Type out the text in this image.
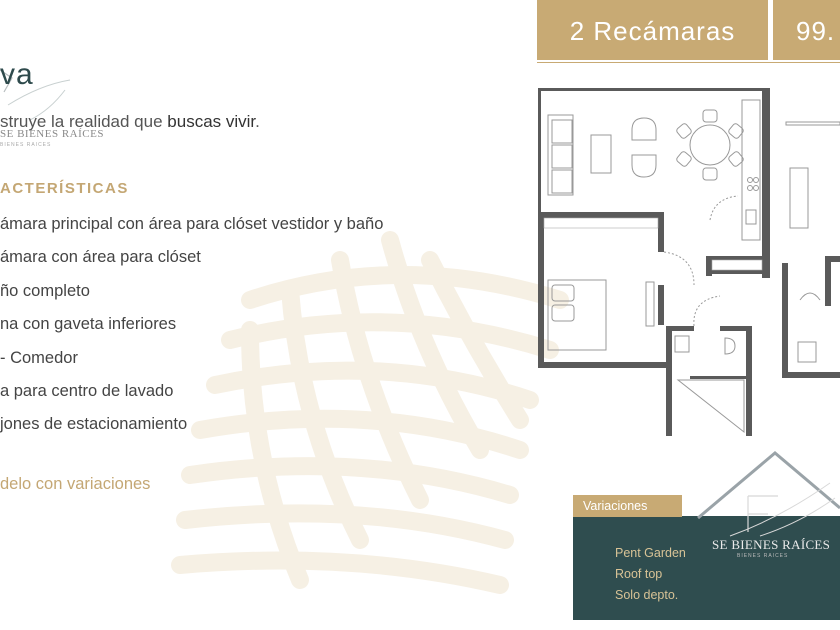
va
struye la realidad que buscas vivir.
SE BIENES RAÍCES
BIENES RAICES
ACTERÍSTICAS
ámara principal con área para clóset vestidor y baño
ámara con área para clóset
ño completo
na con gaveta inferiores
- Comedor
a para centro de lavado
jones de estacionamiento
delo con variaciones
2 Recámaras	99.
Variaciones
Pent Garden
Roof top
Solo depto.
SE BIENES RAÍCES
BIENES RAICES
